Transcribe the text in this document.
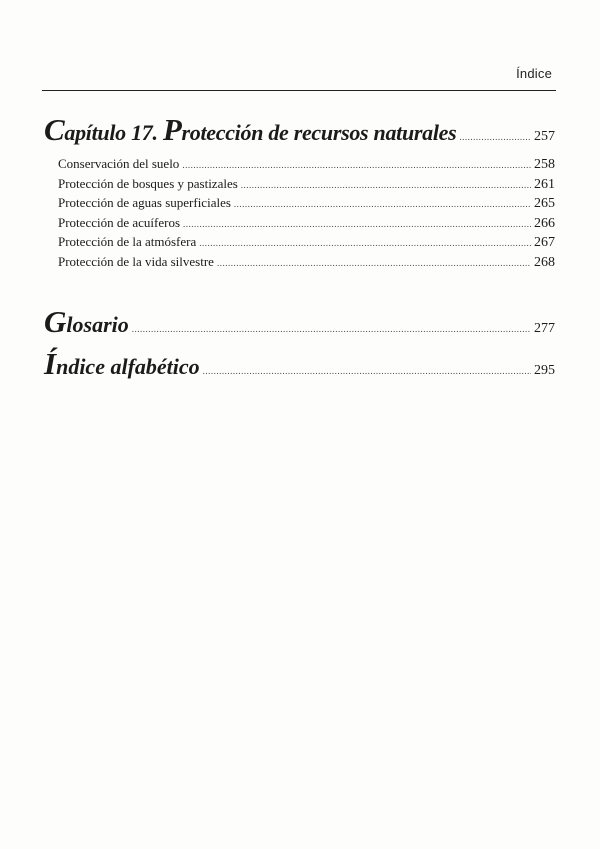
Índice
Capítulo 17. Protección de recursos naturales .....	257
Conservación del suelo .....	258
Protección de bosques y pastizales .....	261
Protección de aguas superficiales .....	265
Protección de acuíferos .....	266
Protección de la atmósfera .....	267
Protección de la vida silvestre .....	268
Glosario .....	277
Índice alfabético .....	295
